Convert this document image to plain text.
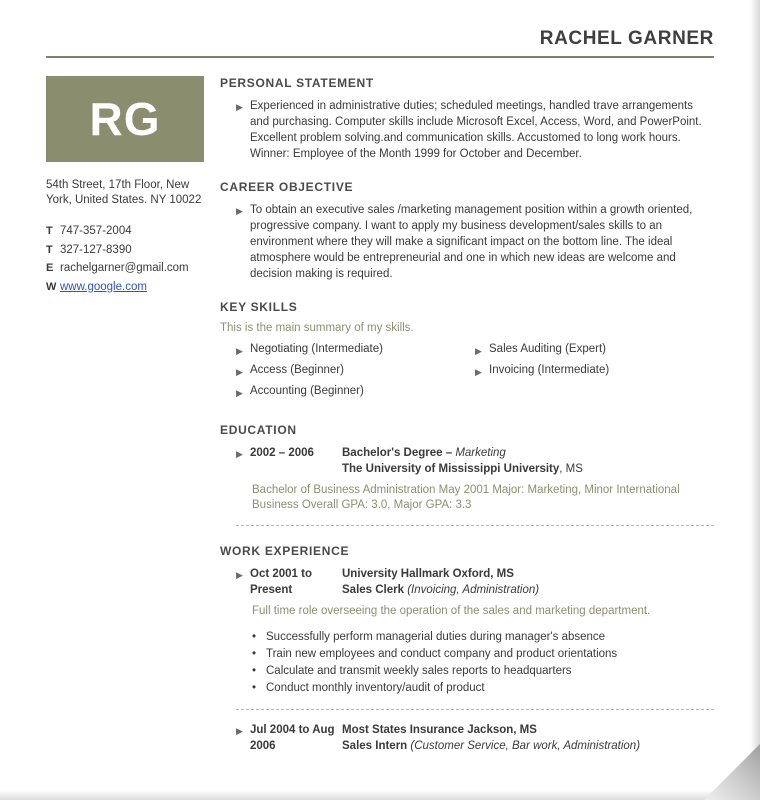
RACHEL GARNER
RG
54th Street, 17th Floor, New York, United States. NY 10022
T 747-357-2004
T 327-127-8390
E rachelgarner@gmail.com
W www.google.com
PERSONAL STATEMENT
▶ Experienced in administrative duties; scheduled meetings, handled trave arrangements and purchasing. Computer skills include Microsoft Excel, Access, Word, and PowerPoint. Excellent problem solving.and communication skills. Accustomed to long work hours. Winner: Employee of the Month 1999 for October and December.
CAREER OBJECTIVE
▶ To obtain an executive sales /marketing management position within a growth oriented, progressive company. I want to apply my business development/sales skills to an environment where they will make a significant impact on the bottom line. The ideal atmosphere would be entrepreneurial and one in which new ideas are welcome and decision making is required.
KEY SKILLS
This is the main summary of my skills.
▶ Negotiating (Intermediate)
▶ Access (Beginner)
▶ Accounting (Beginner)
▶ Sales Auditing (Expert)
▶ Invoicing (Intermediate)
EDUCATION
▶ 2002 – 2006	Bachelor's Degree – Marketing
The University of Mississippi University, MS
Bachelor of Business Administration May 2001 Major: Marketing, Minor International Business Overall GPA: 3.0, Major GPA: 3.3
WORK EXPERIENCE
▶ Oct 2001 to Present
University Hallmark Oxford, MS
Sales Clerk (Invoicing, Administration)
Full time role overseeing the operation of the sales and marketing department.
• Successfully perform managerial duties during manager's absence
• Train new employees and conduct company and product orientations
• Calculate and transmit weekly sales reports to headquarters
• Conduct monthly inventory/audit of product
▶ Jul 2004 to Aug 2006
Most States Insurance Jackson, MS
Sales Intern (Customer Service, Bar work, Administration)
